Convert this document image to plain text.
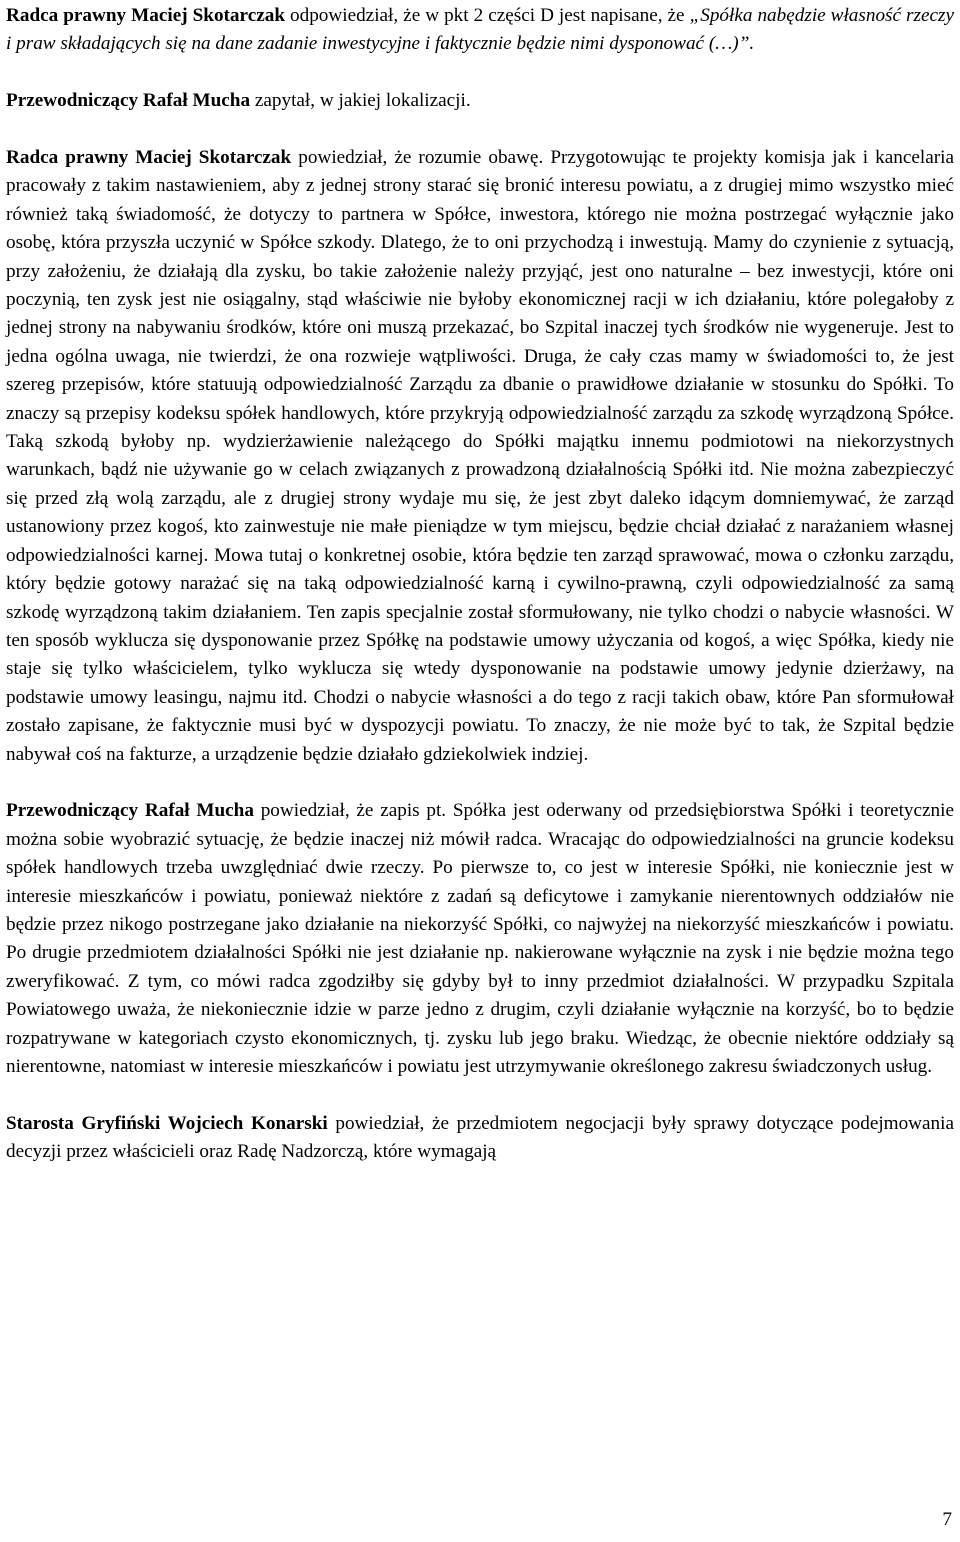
Radca prawny Maciej Skotarczak odpowiedział, że w pkt 2 części D jest napisane, że „Spółka nabędzie własność rzeczy i praw składających się na dane zadanie inwestycyjne i faktycznie będzie nimi dysponować (…)”.

Przewodniczący Rafał Mucha zapytał, w jakiej lokalizacji.

Radca prawny Maciej Skotarczak powiedział, że rozumie obawę. Przygotowując te projekty komisja jak i kancelaria pracowały z takim nastawieniem, aby z jednej strony starać się bronić interesu powiatu, a z drugiej mimo wszystko mieć również taką świadomość, że dotyczy to partnera w Spółce, inwestora, którego nie można postrzegać wyłącznie jako osobę, która przyszła uczynić w Spółce szkody. Dlatego, że to oni przychodzą i inwestują. Mamy do czynienie z sytuacją, przy założeniu, że działają dla zysku, bo takie założenie należy przyjąć, jest ono naturalne – bez inwestycji, które oni poczynią, ten zysk jest nie osiągalny, stąd właściwie nie byłoby ekonomicznej racji w ich działaniu, które polegałoby z jednej strony na nabywaniu środków, które oni muszą przekazać, bo Szpital inaczej tych środków nie wygeneruje. Jest to jedna ogólna uwaga, nie twierdzi, że ona rozwieje wątpliwości. Druga, że cały czas mamy w świadomości to, że jest szereg przepisów, które statuują odpowiedzialność Zarządu za dbanie o prawidłowe działanie w stosunku do Spółki. To znaczy są przepisy kodeksu spółek handlowych, które przykryją odpowiedzialność zarządu za szkodę wyrządzoną Spółce. Taką szkodą byłoby np. wydzierżawienie należącego do Spółki majątku innemu podmiotowi na niekorzystnych warunkach, bądź nie używanie go w celach związanych z prowadzoną działalnością Spółki itd. Nie można zabezpieczyć się przed złą wolą zarządu, ale z drugiej strony wydaje mu się, że jest zbyt daleko idącym domniemywać, że zarząd ustanowiony przez kogoś, kto zainwestuje nie małe pieniądze w tym miejscu, będzie chciał działać z narażaniem własnej odpowiedzialności karnej. Mowa tutaj o konkretnej osobie, która będzie ten zarząd sprawować, mowa o członku zarządu, który będzie gotowy narażać się na taką odpowiedzialność karną i cywilno-prawną, czyli odpowiedzialność za samą szkodę wyrządzoną takim działaniem. Ten zapis specjalnie został sformułowany, nie tylko chodzi o nabycie własności. W ten sposób wyklucza się dysponowanie przez Spółkę na podstawie umowy użyczania od kogoś, a więc Spółka, kiedy nie staje się tylko właścicielem, tylko wyklucza się wtedy dysponowanie na podstawie umowy jedynie dzierżawy, na podstawie umowy leasingu, najmu itd. Chodzi o nabycie własności a do tego z racji takich obaw, które Pan sformułował zostało zapisane, że faktycznie musi być w dyspozycji powiatu. To znaczy, że nie może być to tak, że Szpital będzie nabywał coś na fakturze, a urządzenie będzie działało gdziekolwiek indziej.

Przewodniczący Rafał Mucha powiedział, że zapis pt. Spółka jest oderwany od przedsiębiorstwa Spółki i teoretycznie można sobie wyobrazić sytuację, że będzie inaczej niż mówił radca. Wracając do odpowiedzialności na gruncie kodeksu spółek handlowych trzeba uwzględniać dwie rzeczy. Po pierwsze to, co jest w interesie Spółki, nie koniecznie jest w interesie mieszkańców i powiatu, ponieważ niektóre z zadań są deficytowe i zamykanie nierentownych oddziałów nie będzie przez nikogo postrzegane jako działanie na niekorzyść Spółki, co najwyżej na niekorzyść mieszkańców i powiatu. Po drugie przedmiotem działalności Spółki nie jest działanie np. nakierowane wyłącznie na zysk i nie będzie można tego zweryfikować. Z tym, co mówi radca zgodziłby się gdyby był to inny przedmiot działalności. W przypadku Szpitala Powiatowego uważa, że niekoniecznie idzie w parze jedno z drugim, czyli działanie wyłącznie na korzyść, bo to będzie rozpatrywane w kategoriach czysto ekonomicznych, tj. zysku lub jego braku. Wiedząc, że obecnie niektóre oddziały są nierentowne, natomiast w interesie mieszkańców i powiatu jest utrzymywanie określonego zakresu świadczonych usług.

Starosta Gryfiński Wojciech Konarski powiedział, że przedmiotem negocjacji były sprawy dotyczące podejmowania decyzji przez właścicieli oraz Radę Nadzorczą, które wymagają

7
